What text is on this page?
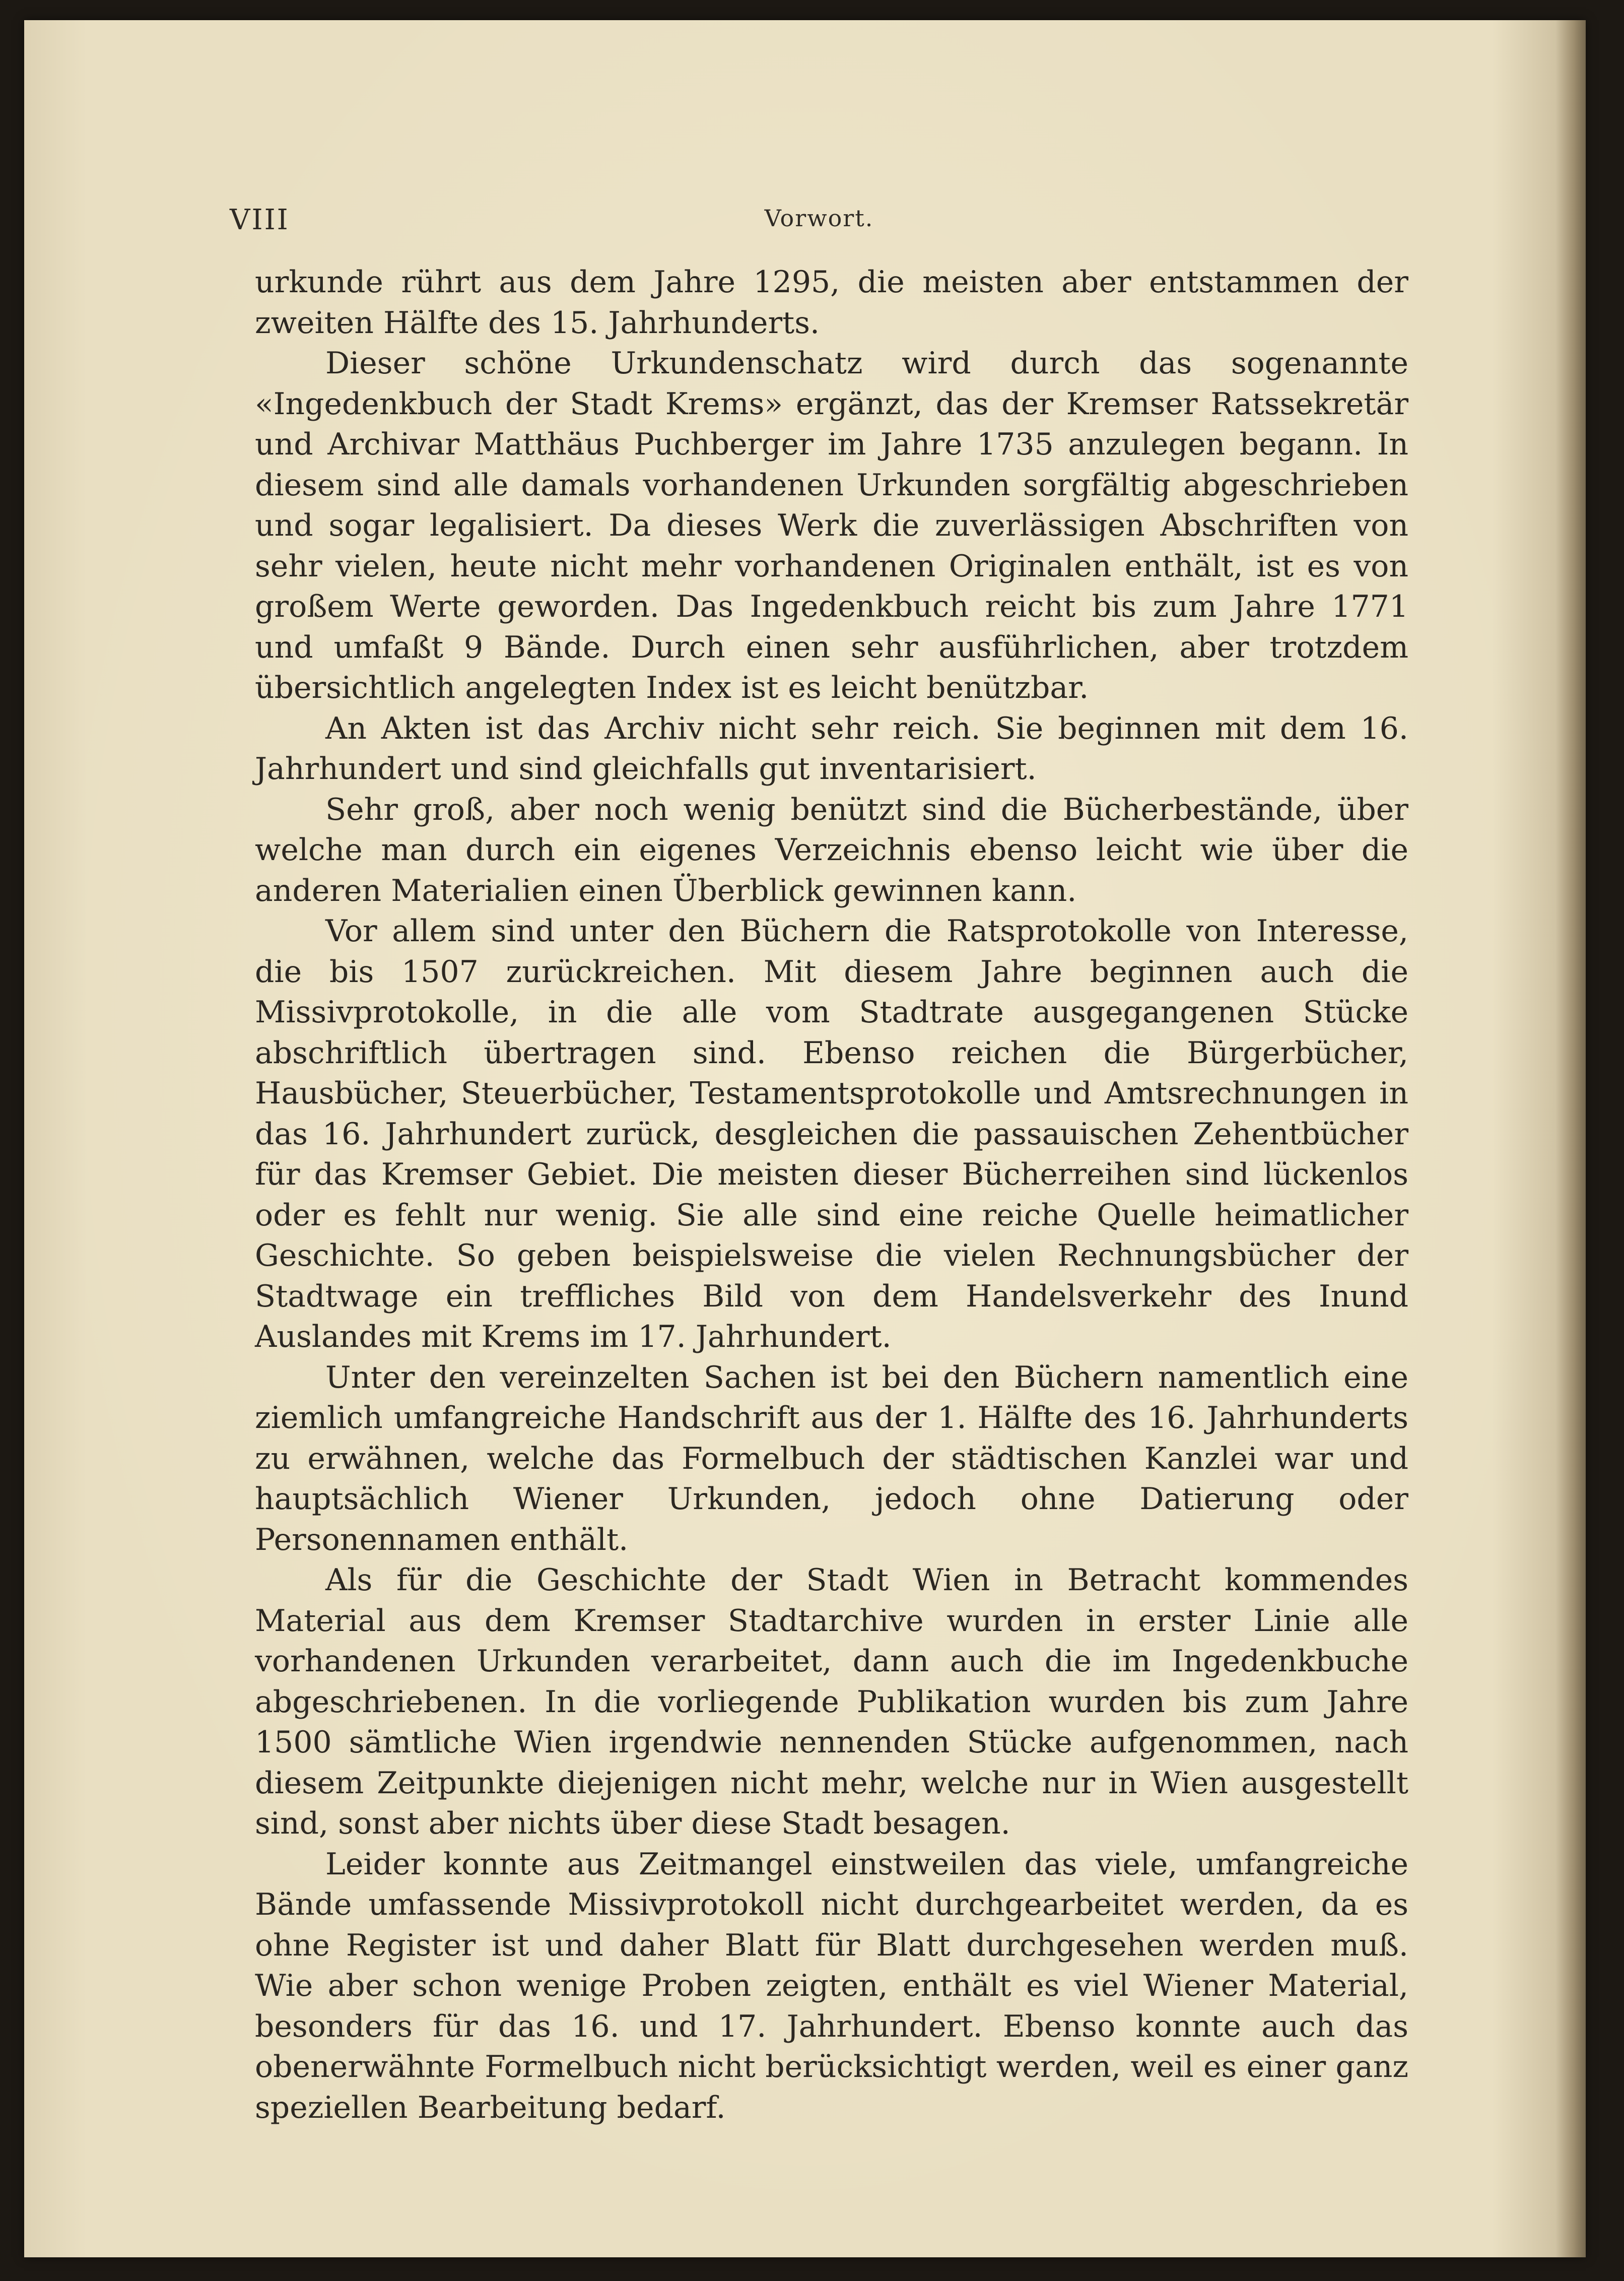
VIII	Vorwort.

urkunde rührt aus dem Jahre 1295, die meisten aber entstammen der zweiten Hälfte des 15. Jahrhunderts.

Dieser schöne Urkundenschatz wird durch das sogenannte «Ingedenkbuch der Stadt Krems» ergänzt, das der Kremser Ratssekretär und Archivar Matthäus Puchberger im Jahre 1735 anzulegen begann. In diesem sind alle damals vorhandenen Urkunden sorgfältig abgeschrieben und sogar legalisiert. Da dieses Werk die zuverlässigen Abschriften von sehr vielen, heute nicht mehr vorhandenen Originalen enthält, ist es von großem Werte geworden. Das Ingedenkbuch reicht bis zum Jahre 1771 und umfaßt 9 Bände. Durch einen sehr ausführlichen, aber trotzdem übersichtlich angelegten Index ist es leicht benützbar.

An Akten ist das Archiv nicht sehr reich. Sie beginnen mit dem 16. Jahrhundert und sind gleichfalls gut inventarisiert.

Sehr groß, aber noch wenig benützt sind die Bücherbestände, über welche man durch ein eigenes Verzeichnis ebenso leicht wie über die anderen Materialien einen Überblick gewinnen kann.

Vor allem sind unter den Büchern die Ratsprotokolle von Interesse, die bis 1507 zurückreichen. Mit diesem Jahre beginnen auch die Missivprotokolle, in die alle vom Stadtrate ausgegangenen Stücke abschriftlich übertragen sind. Ebenso reichen die Bürgerbücher, Hausbücher, Steuerbücher, Testamentsprotokolle und Amtsrechnungen in das 16. Jahrhundert zurück, desgleichen die passauischen Zehentbücher für das Kremser Gebiet. Die meisten dieser Bücherreihen sind lückenlos oder es fehlt nur wenig. Sie alle sind eine reiche Quelle heimatlicher Geschichte. So geben beispielsweise die vielen Rechnungsbücher der Stadtwage ein treffliches Bild von dem Handelsverkehr des Inund Auslandes mit Krems im 17. Jahrhundert.

Unter den vereinzelten Sachen ist bei den Büchern namentlich eine ziemlich umfangreiche Handschrift aus der 1. Hälfte des 16. Jahrhunderts zu erwähnen, welche das Formelbuch der städtischen Kanzlei war und hauptsächlich Wiener Urkunden, jedoch ohne Datierung oder Personennamen enthält.

Als für die Geschichte der Stadt Wien in Betracht kommendes Material aus dem Kremser Stadtarchive wurden in erster Linie alle vorhandenen Urkunden verarbeitet, dann auch die im Ingedenkbuche abgeschriebenen. In die vorliegende Publikation wurden bis zum Jahre 1500 sämtliche Wien irgendwie nennenden Stücke aufgenommen, nach diesem Zeitpunkte diejenigen nicht mehr, welche nur in Wien ausgestellt sind, sonst aber nichts über diese Stadt besagen.

Leider konnte aus Zeitmangel einstweilen das viele, umfangreiche Bände umfassende Missivprotokoll nicht durchgearbeitet werden, da es ohne Register ist und daher Blatt für Blatt durchgesehen werden muß. Wie aber schon wenige Proben zeigten, enthält es viel Wiener Material, besonders für das 16. und 17. Jahrhundert. Ebenso konnte auch das obenerwähnte Formelbuch nicht berücksichtigt werden, weil es einer ganz speziellen Bearbeitung bedarf.
